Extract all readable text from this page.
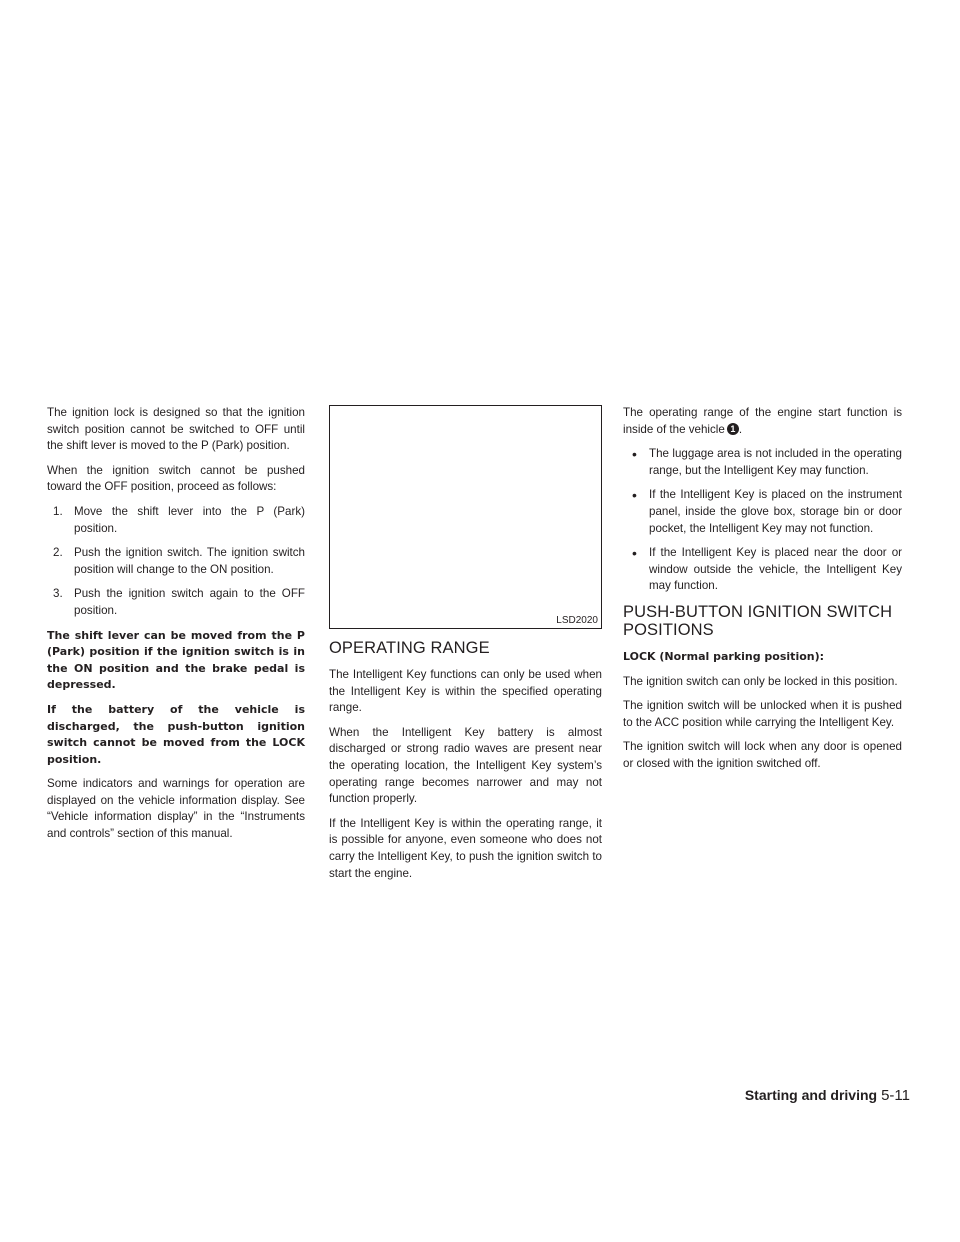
The ignition lock is designed so that the ignition switch position cannot be switched to OFF until the shift lever is moved to the P (Park) position.

When the ignition switch cannot be pushed toward the OFF position, proceed as follows:

1. Move the shift lever into the P (Park) position.
2. Push the ignition switch. The ignition switch position will change to the ON position.
3. Push the ignition switch again to the OFF position.

The shift lever can be moved from the P (Park) position if the ignition switch is in the ON position and the brake pedal is depressed.

If the battery of the vehicle is discharged, the push-button ignition switch cannot be moved from the LOCK position.

Some indicators and warnings for operation are displayed on the vehicle information display. See “Vehicle information display” in the “Instruments and controls” section of this manual.

LSD2020
OPERATING RANGE

The Intelligent Key functions can only be used when the Intelligent Key is within the specified operating range.

When the Intelligent Key battery is almost discharged or strong radio waves are present near the operating location, the Intelligent Key system’s operating range becomes narrower and may not function properly.

If the Intelligent Key is within the operating range, it is possible for anyone, even someone who does not carry the Intelligent Key, to push the ignition switch to start the engine.

The operating range of the engine start function is inside of the vehicle 1 .

• The luggage area is not included in the operating range, but the Intelligent Key may function.
• If the Intelligent Key is placed on the instrument panel, inside the glove box, storage bin or door pocket, the Intelligent Key may not function.
• If the Intelligent Key is placed near the door or window outside the vehicle, the Intelligent Key may function.
PUSH-BUTTON IGNITION SWITCH POSITIONS

LOCK (Normal parking position):

The ignition switch can only be locked in this position.

The ignition switch will be unlocked when it is pushed to the ACC position while carrying the Intelligent Key.

The ignition switch will lock when any door is opened or closed with the ignition switched off.

Starting and driving 5-11
